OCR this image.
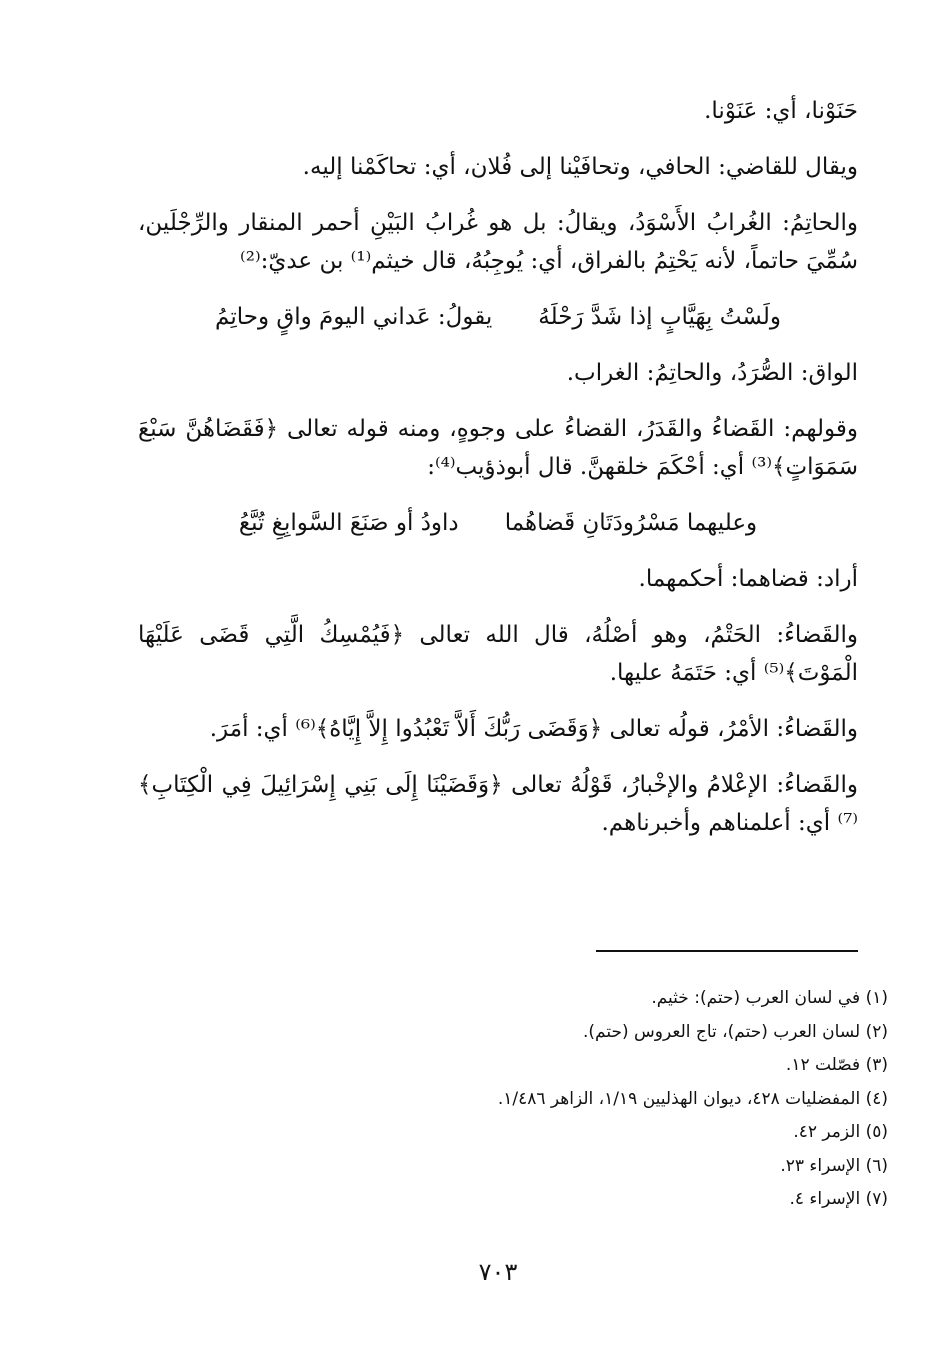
حَنَوْنا، أي: عَنَوْنا.

ويقال للقاضي: الحافي، وتحافَيْنا إلى فُلان، أي: تحاكَمْنا إليه.

والحاتِمُ: الغُرابُ الأَسْوَدُ، ويقالُ: بل هو غُرابُ البَيْنِ أحمر المنقار والرِّجْلَين، سُمِّيَ حاتماً، لأنه يَحْتِمُ بالفراق، أي: يُوجِبُهُ، قال خيثم⁽¹⁾ بن عديّ:⁽²⁾

ولَسْتُ بِهَيَّابٍ إذا شَدَّ رَحْلَهُ
يقولُ: عَداني اليومَ واقٍ وحاتِمُ

الواق: الصُّرَدُ، والحاتِمُ: الغراب.

وقولهم: القَضاءُ والقَدَرُ، القضاءُ على وجوهٍ، ومنه قوله تعالى ﴿فَقَضَاهُنَّ سَبْعَ سَمَوَاتٍ﴾⁽³⁾ أي: أحْكَمَ خلقهنَّ. قال أبوذؤيب⁽⁴⁾:

وعليهما مَسْرُودَتَانِ قَضاهُما
داودُ أو صَنَعَ السَّوابِغِ تُبَّعُ

أراد: قضاهما: أحكمهما.

والقَضاءُ: الحَتْمُ، وهو أصْلُهُ، قال الله تعالى ﴿فَيُمْسِكُ الَّتِي قَضَى عَلَيْهَا الْمَوْتَ﴾⁽⁵⁾ أي: حَتَمَهُ عليها.

والقَضاءُ: الأمْرُ، قولُه تعالى ﴿وَقَضَى رَبُّكَ أَلاَّ تَعْبُدُوا إِلاَّ إِيَّاهُ﴾⁽⁶⁾ أي: أمَرَ.

والقَضاءُ: الإعْلامُ والإخْبارُ، قَوْلُهُ تعالى ﴿وَقَضَيْنَا إِلَى بَنِي إِسْرَائِيلَ فِي الْكِتَابِ﴾⁽⁷⁾ أي: أعلمناهم وأخبرناهم.

(١) في لسان العرب (حتم): خثيم.
(٢) لسان العرب (حتم)، تاج العروس (حتم).
(٣) فصّلت ١٢.
(٤) المفضليات ٤٢٨، ديوان الهذليين ١/١٩، الزاهر ١/٤٨٦.
(٥) الزمر ٤٢.
(٦) الإسراء ٢٣.
(٧) الإسراء ٤.
٧٠٣
